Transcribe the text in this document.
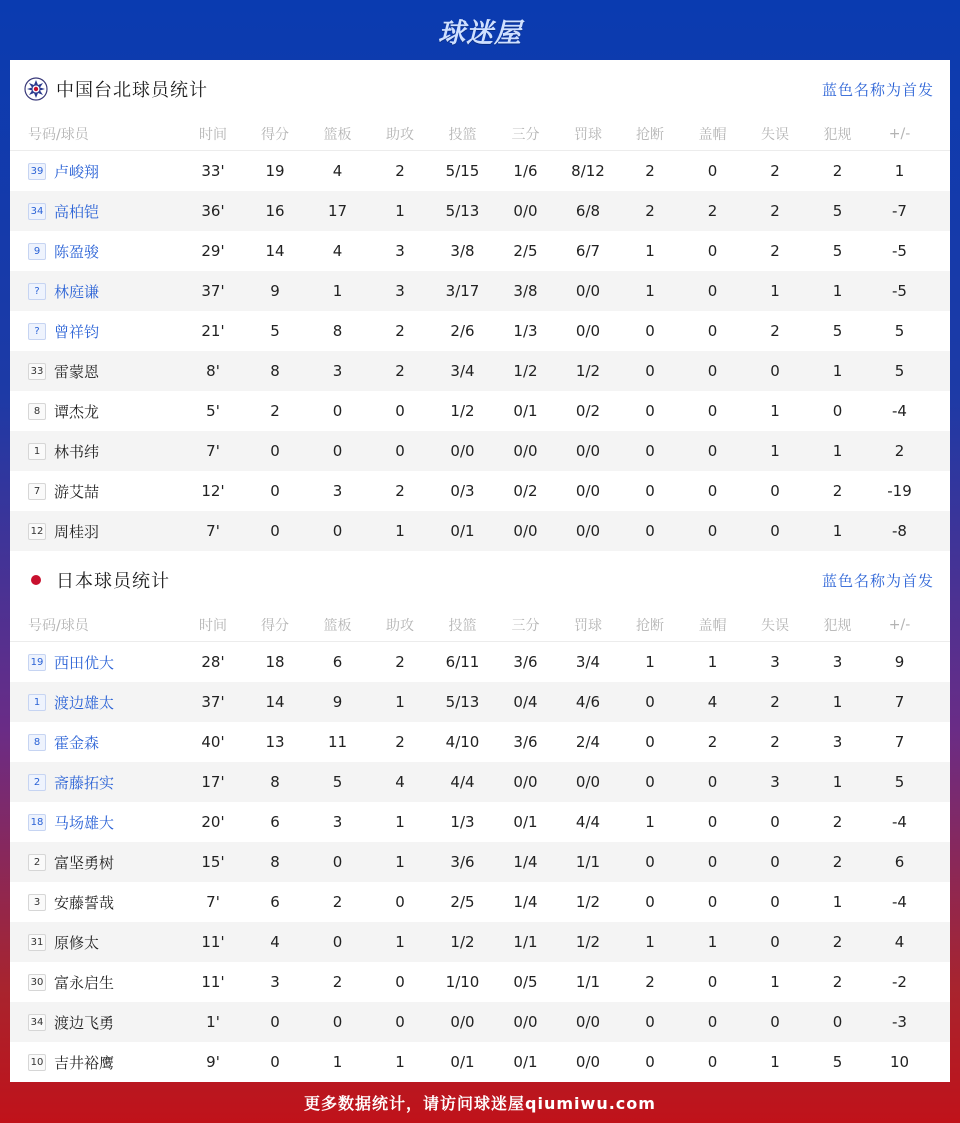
球迷屋
中国台北球员统计	蓝色名称为首发
号码/球员	时间	得分	篮板	助攻	投篮	三分	罚球	抢断	盖帽	失误	犯规	+/-
39 卢峻翔	33'	19	4	2	5/15	1/6	8/12	2	0	2	2	1
34 高柏铠	36'	16	17	1	5/13	0/0	6/8	2	2	2	5	-7
9 陈盈骏	29'	14	4	3	3/8	2/5	6/7	1	0	2	5	-5
? 林庭谦	37'	9	1	3	3/17	3/8	0/0	1	0	1	1	-5
? 曾祥钧	21'	5	8	2	2/6	1/3	0/0	0	0	2	5	5
33 雷蒙恩	8'	8	3	2	3/4	1/2	1/2	0	0	0	1	5
8 谭杰龙	5'	2	0	0	1/2	0/1	0/2	0	0	1	0	-4
1 林书纬	7'	0	0	0	0/0	0/0	0/0	0	0	1	1	2
7 游艾喆	12'	0	3	2	0/3	0/2	0/0	0	0	0	2	-19
12 周桂羽	7'	0	0	1	0/1	0/0	0/0	0	0	0	1	-8
日本球员统计	蓝色名称为首发
号码/球员	时间	得分	篮板	助攻	投篮	三分	罚球	抢断	盖帽	失误	犯规	+/-
19 西田优大	28'	18	6	2	6/11	3/6	3/4	1	1	3	3	9
1 渡边雄太	37'	14	9	1	5/13	0/4	4/6	0	4	2	1	7
8 霍金森	40'	13	11	2	4/10	3/6	2/4	0	2	2	3	7
2 斋藤拓实	17'	8	5	4	4/4	0/0	0/0	0	0	3	1	5
18 马场雄大	20'	6	3	1	1/3	0/1	4/4	1	0	0	2	-4
2 富坚勇树	15'	8	0	1	3/6	1/4	1/1	0	0	0	2	6
3 安藤誓哉	7'	6	2	0	2/5	1/4	1/2	0	0	0	1	-4
31 原修太	11'	4	0	1	1/2	1/1	1/2	1	1	0	2	4
30 富永启生	11'	3	2	0	1/10	0/5	1/1	2	0	1	2	-2
34 渡边飞勇	1'	0	0	0	0/0	0/0	0/0	0	0	0	0	-3
10 吉井裕鹰	9'	0	1	1	0/1	0/1	0/0	0	0	1	5	10
更多数据统计，请访问球迷屋qiumiwu.com
